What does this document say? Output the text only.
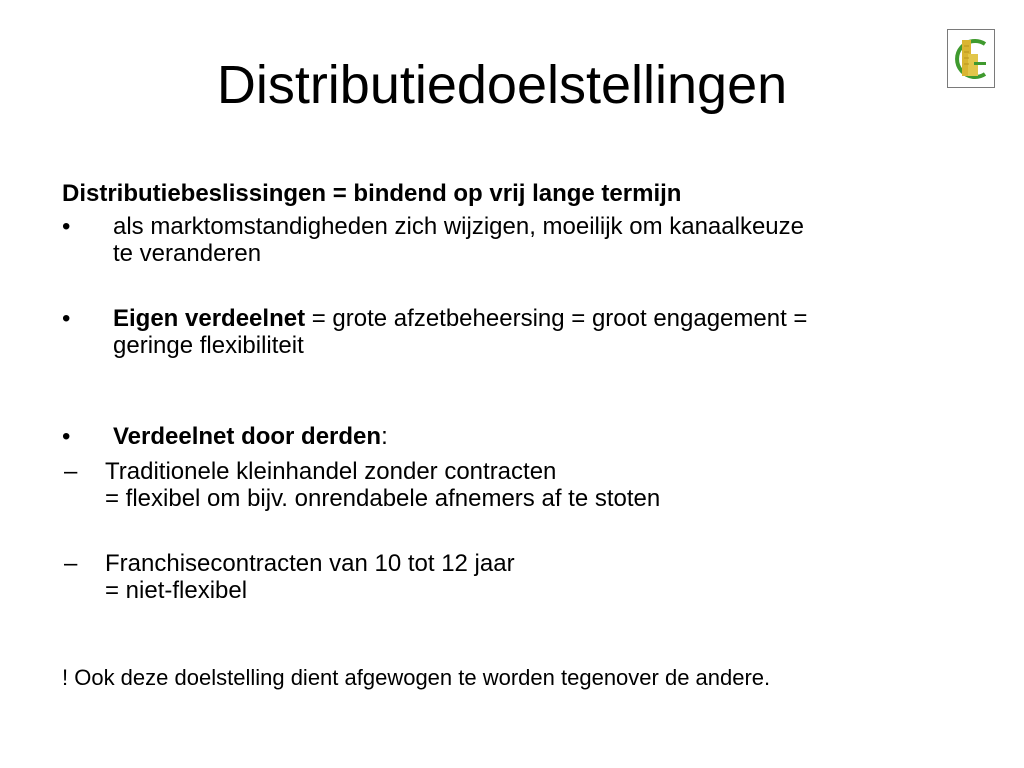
Distributiedoelstellingen
Distributiebeslissingen = bindend op vrij lange termijn
• als marktomstandigheden zich wijzigen, moeilijk om kanaalkeuze
te veranderen
• Eigen verdeelnet = grote afzetbeheersing = groot engagement =
geringe flexibiliteit
• Verdeelnet door derden:
– Traditionele kleinhandel zonder contracten
= flexibel om bijv. onrendabele afnemers af te stoten
– Franchisecontracten van 10 tot 12 jaar
= niet-flexibel
! Ook deze doelstelling dient afgewogen te worden tegenover de andere.
